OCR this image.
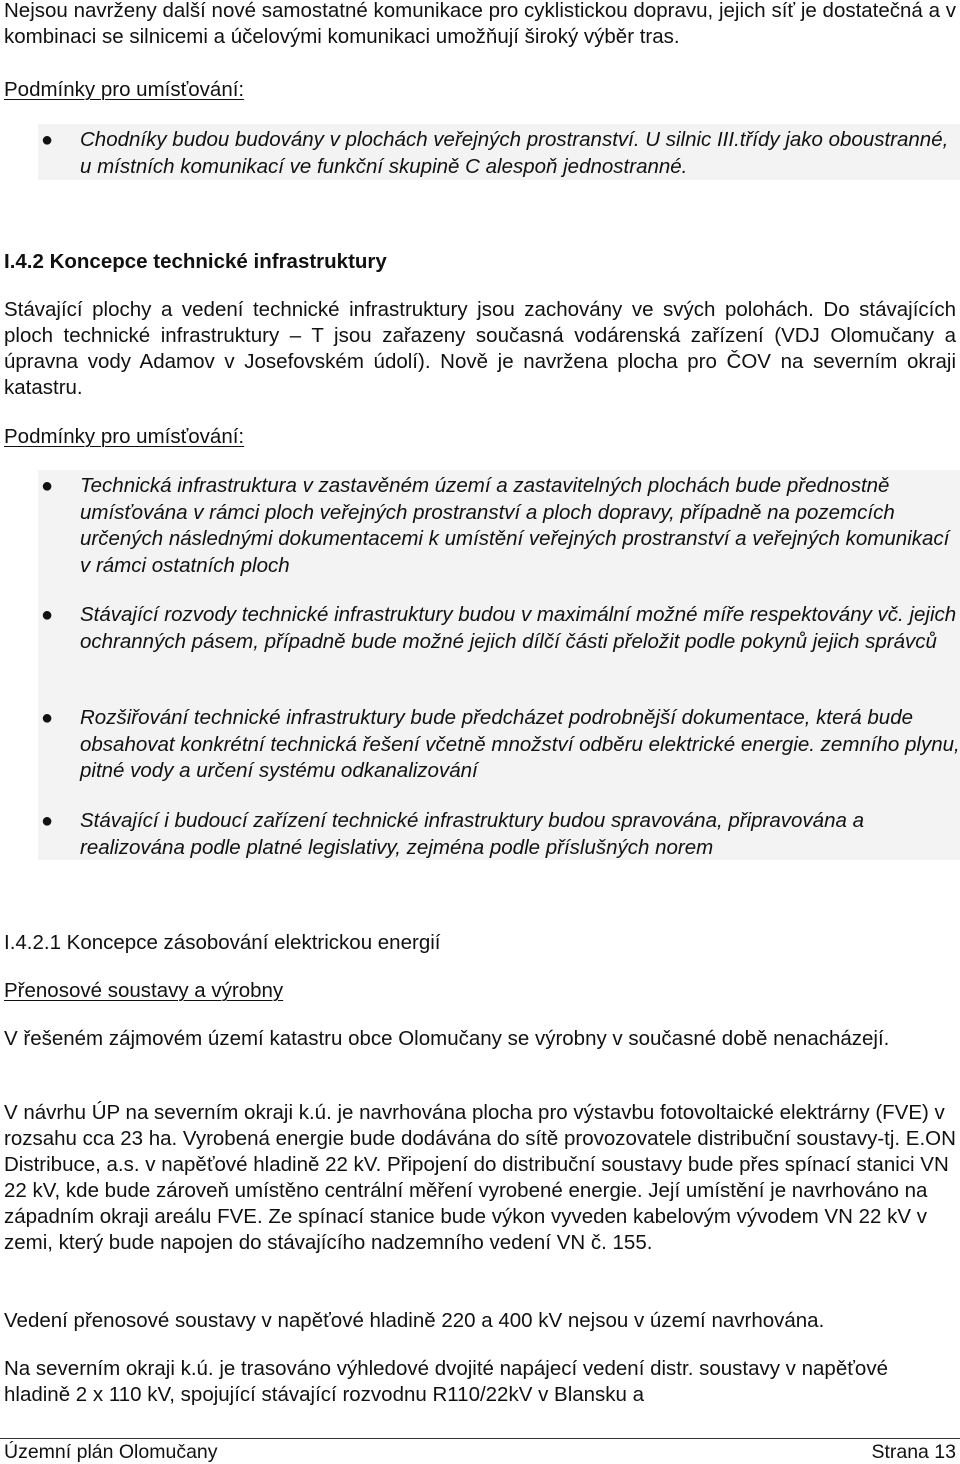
Nejsou navrženy další nové samostatné komunikace pro cyklistickou dopravu, jejich síť je dostatečná a v kombinaci se silnicemi a účelovými komunikaci umožňují široký výběr tras.
Podmínky pro umísťování:
●	Chodníky budou budovány v plochách veřejných prostranství. U silnic III.třídy jako oboustranné, u místních komunikací ve funkční skupině C alespoň jednostranné.
I.4.2 Koncepce technické infrastruktury
Stávající plochy a vedení technické infrastruktury jsou zachovány ve svých polohách. Do stávajících ploch technické infrastruktury – T jsou zařazeny současná vodárenská zařízení (VDJ Olomučany a úpravna vody Adamov v Josefovském údolí). Nově je navržena plocha pro ČOV na severním okraji katastru.
Podmínky pro umísťování:
●	Technická infrastruktura v zastavěném území a zastavitelných plochách bude přednostně umísťována v rámci ploch veřejných prostranství a ploch dopravy, případně na pozemcích určených následnými dokumentacemi k umístění veřejných prostranství a veřejných komunikací v rámci ostatních ploch
●	Stávající rozvody technické infrastruktury budou v maximální možné míře respektovány vč. jejich ochranných pásem, případně bude možné jejich dílčí části přeložit podle pokynů jejich správců
●	Rozšiřování technické infrastruktury bude předcházet podrobnější dokumentace, která bude obsahovat konkrétní technická řešení včetně množství odběru elektrické energie. zemního plynu, pitné vody a určení systému odkanalizování
●	Stávající i budoucí zařízení technické infrastruktury budou spravována, připravována a realizována podle platné legislativy, zejména podle příslušných norem
I.4.2.1 Koncepce zásobování elektrickou energií
Přenosové soustavy a výrobny
V řešeném zájmovém území katastru obce Olomučany se výrobny v současné době nenacházejí.
V návrhu ÚP na severním okraji k.ú. je navrhována plocha pro výstavbu fotovoltaické elektrárny (FVE) v rozsahu cca 23 ha. Vyrobená energie bude dodávána do sítě provozovatele distribuční soustavy-tj. E.ON Distribuce, a.s. v napěťové hladině 22 kV. Připojení do distribuční soustavy bude přes spínací stanici VN 22 kV, kde bude zároveň umístěno centrální měření vyrobené energie. Její umístění je navrhováno na západním okraji areálu FVE. Ze spínací stanice bude výkon vyveden kabelovým vývodem VN 22 kV v zemi, který bude napojen do stávajícího nadzemního vedení VN č. 155.
Vedení přenosové soustavy v napěťové hladině 220 a 400 kV nejsou v území navrhována.
Na severním okraji k.ú. je trasováno výhledové dvojité napájecí vedení distr. soustavy v napěťové hladině 2 x 110 kV, spojující stávající rozvodnu R110/22kV v Blansku a
Územní plán Olomučany	Strana 13
